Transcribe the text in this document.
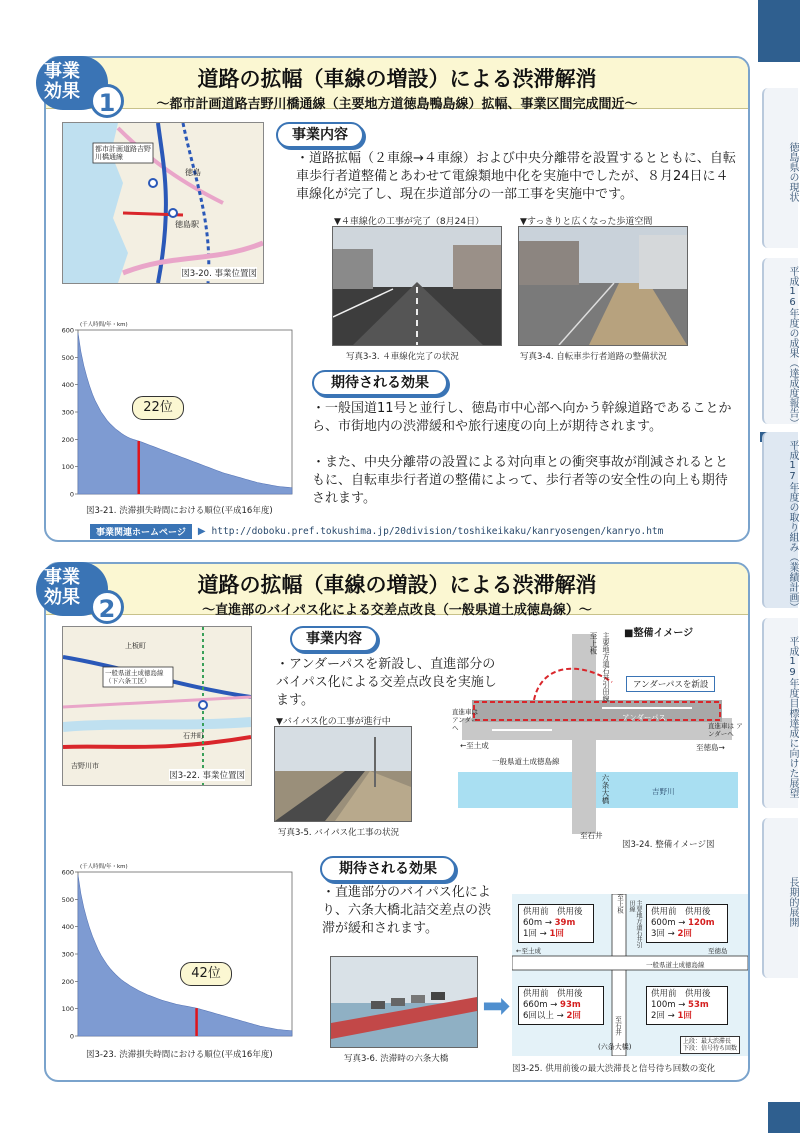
徳島県の現状
平成16年度の成果（達成度報告）
平成17年度の取り組み（業績計画）
平成19年度目標達成に向けた展望
長期的展開
道路の拡幅（車線の増設）による渋滞解消
～都市計画道路吉野川橋通線（主要地方道徳島鴨島線）拡幅、事業区間完成間近～
事業効果 1
都市計画道路吉野川橋通線
徳島
徳島駅
図3-20. 事業位置図
事業内容
・道路拡幅（２車線→４車線）および中央分離帯を設置するとともに、自転車歩行者道整備とあわせて電線類地中化を実施中でしたが、８月24日に４車線化が完了し、現在歩道部分の一部工事を実施中です。
▼４車線化の工事が完了（8月24日）
写真3-3. ４車線化完了の状況
▼すっきりと広くなった歩道空間
写真3-4. 自転車歩行者道路の整備状況
期待される効果
・一般国道11号と並行し、徳島市中心部へ向かう幹線道路であることから、市街地内の渋滞緩和や旅行速度の向上が期待されます。
・また、中央分離帯の設置による対向車との衝突事故が削減されるとともに、自転車歩行者道の整備によって、歩行者等の安全性の向上も期待されます。
0
100
200
300
400
500
600
(千人時間/年・km)
22位
図3-21. 渋滞損失時間における順位(平成16年度)
事業関連ホームページ	▶ http://doboku.pref.tokushima.jp/20division/toshikeikaku/kanryosengen/kanryo.htm
道路の拡幅（車線の増設）による渋滞解消
～直進部のバイパス化による交差点改良（一般県道土成徳島線）～
事業効果 2
一般県道土成徳島線（下六条工区）
上板町
石井町
吉野川市
図3-22. 事業位置図
事業内容
・アンダーパスを新設し、直進部分のバイパス化による交差点改良を実施します。
▼バイパス化の工事が進行中
写真3-5. バイパス化工事の状況
■整備イメージ
アンダーパスを新設
アンダーパス
←至土成	至徳島→
至上板
至石井
一般県道土成徳島線
吉野川
六条大橋
主要地方道石井引田線
直進車は アンダーへ	直進車は アンダーへ
図3-24. 整備イメージ図
期待される効果
・直進部分のバイパス化により、六条大橋北詰交差点の渋滞が緩和されます。
写真3-6. 渋滞時の六条大橋
➡
供用前　供用後
60m → 39m
1回 → 1回
供用前　供用後
600m → 120m
3回 → 2回
供用前　供用後
660m → 93m
6回以上 → 2回
供用前　供用後
100m → 53m
2回 → 1回
至上板
←至土成	至徳島
一般県道土成徳島線
主要地方道石井引田線
至石井
(六条大橋)
上段：最大渋滞長
下段：信号待ち回数
図3-25. 供用前後の最大渋滞長と信号待ち回数の変化
0
100
200
300
400
500
600
(千人時間/年・km)
42位
図3-23. 渋滞損失時間における順位(平成16年度)
